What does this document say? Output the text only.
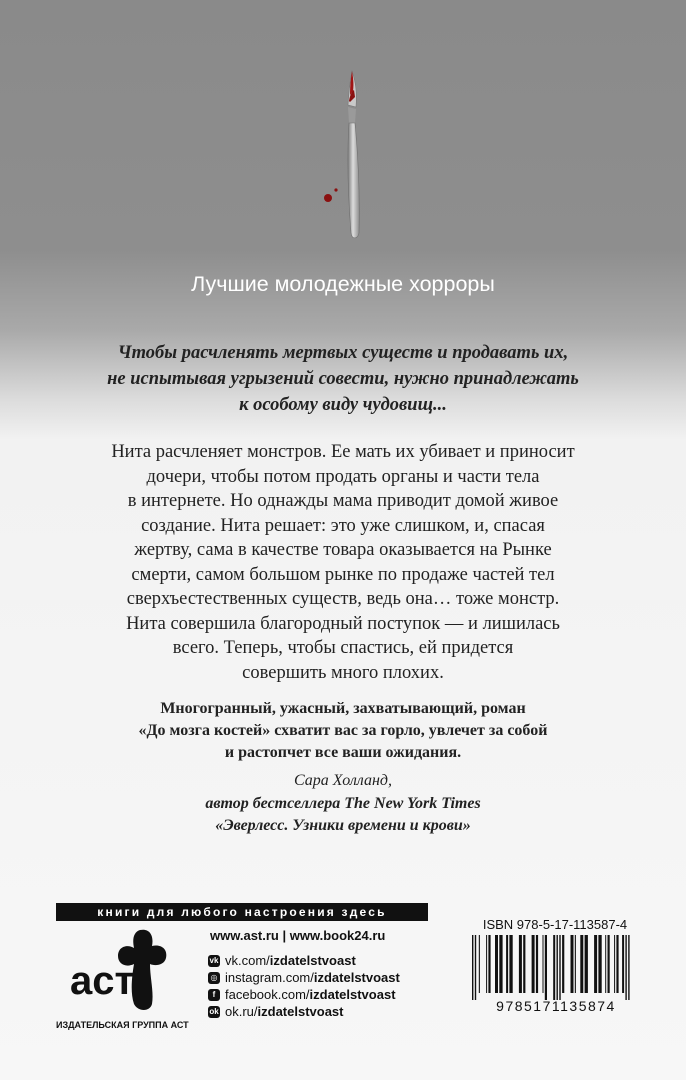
Лучшие молодежные хорроры
Чтобы расчленять мертвых существ и продавать их,
не испытывая угрызений совести, нужно принадлежать
к особому виду чудовищ...
Нита расчленяет монстров. Ее мать их убивает и приносит
дочери, чтобы потом продать органы и части тела
в интернете. Но однажды мама приводит домой живое
создание. Нита решает: это уже слишком, и, спасая
жертву, сама в качестве товара оказывается на Рынке
смерти, самом большом рынке по продаже частей тел
сверхъестественных существ, ведь она… тоже монстр.
Нита совершила благородный поступок — и лишилась
всего. Теперь, чтобы спастись, ей придется
совершить много плохих.
Многогранный, ужасный, захватывающий, роман
«До мозга костей» схватит вас за горло, увлечет за собой
и растопчет все ваши ожидания.
Сара Холланд,
автор бестселлера The New York Times
«Эверлесс. Узники времени и крови»
книги для любого настроения здесь
аст
ИЗДАТЕЛЬСКАЯ ГРУППА АСТ
www.ast.ru | www.book24.ru
vk vk.com/ izdatelstvoast
◎ instagram.com/ izdatelstvoast
f facebook.com/ izdatelstvoast
ok ok.ru/ izdatelstvoast
ISBN 978-5-17-113587-4
9785171135874
